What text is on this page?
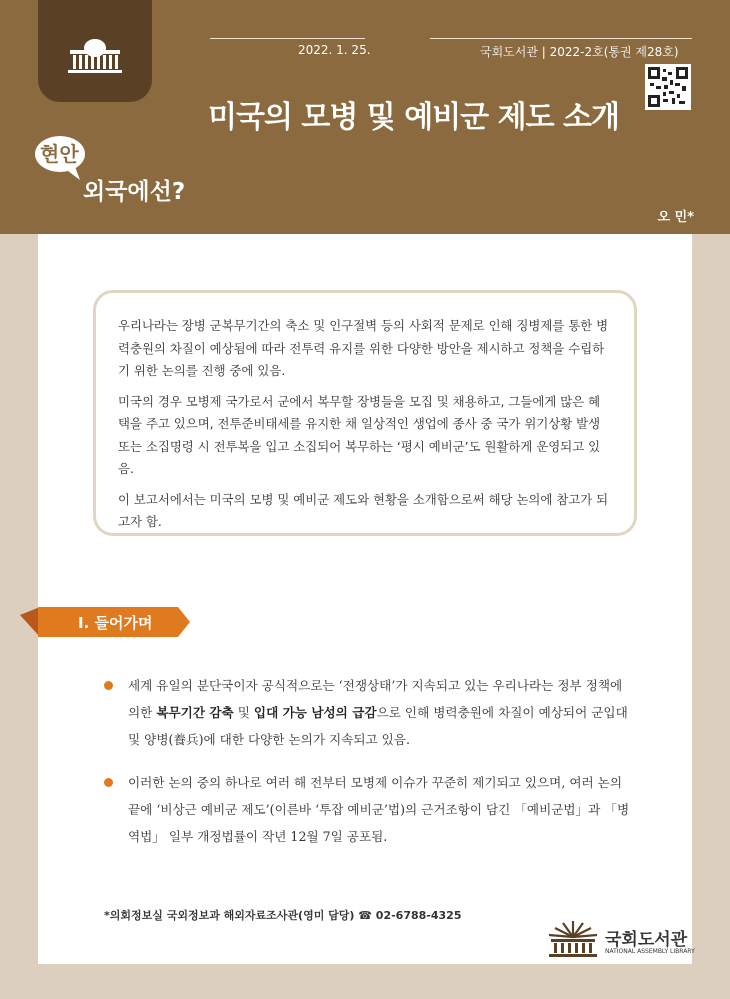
2022. 1. 25.	국회도서관 | 2022-2호(통권 제28호)
미국의 모병 및 예비군 제도 소개
현안
외국에선?
오 민*

우리나라는 장병 군복무기간의 축소 및 인구절벽 등의 사회적 문제로 인해 징병제를 통한 병력충원의 차질이 예상됨에 따라 전투력 유지를 위한 다양한 방안을 제시하고 정책을 수립하기 위한 논의를 진행 중에 있음.

미국의 경우 모병제 국가로서 군에서 복무할 장병들을 모집 및 채용하고, 그들에게 많은 혜택을 주고 있으며, 전투준비태세를 유지한 채 일상적인 생업에 종사 중 국가 위기상황 발생 또는 소집명령 시 전투복을 입고 소집되어 복무하는 ‘평시 예비군’도 원활하게 운영되고 있음.

이 보고서에서는 미국의 모병 및 예비군 제도와 현황을 소개함으로써 해당 논의에 참고가 되고자 함.

Ⅰ. 들어가며
세계 유일의 분단국이자 공식적으로는 ‘전쟁상태’가 지속되고 있는 우리나라는 정부 정책에 의한 복무기간 감축 및 입대 가능 남성의 급감으로 인해 병력충원에 차질이 예상되어 군입대 및 양병(養兵)에 대한 다양한 논의가 지속되고 있음.
이러한 논의 중의 하나로 여러 해 전부터 모병제 이슈가 꾸준히 제기되고 있으며, 여러 논의 끝에 ‘비상근 예비군 제도’(이른바 ‘투잡 예비군’법)의 근거조항이 담긴 「예비군법」과 「병역법」 일부 개정법률이 작년 12월 7일 공포됨.
*의회정보실 국외정보과 해외자료조사관(영미 담당) ☎ 02-6788-4325
국회도서관
NATIONAL ASSEMBLY LIBRARY
